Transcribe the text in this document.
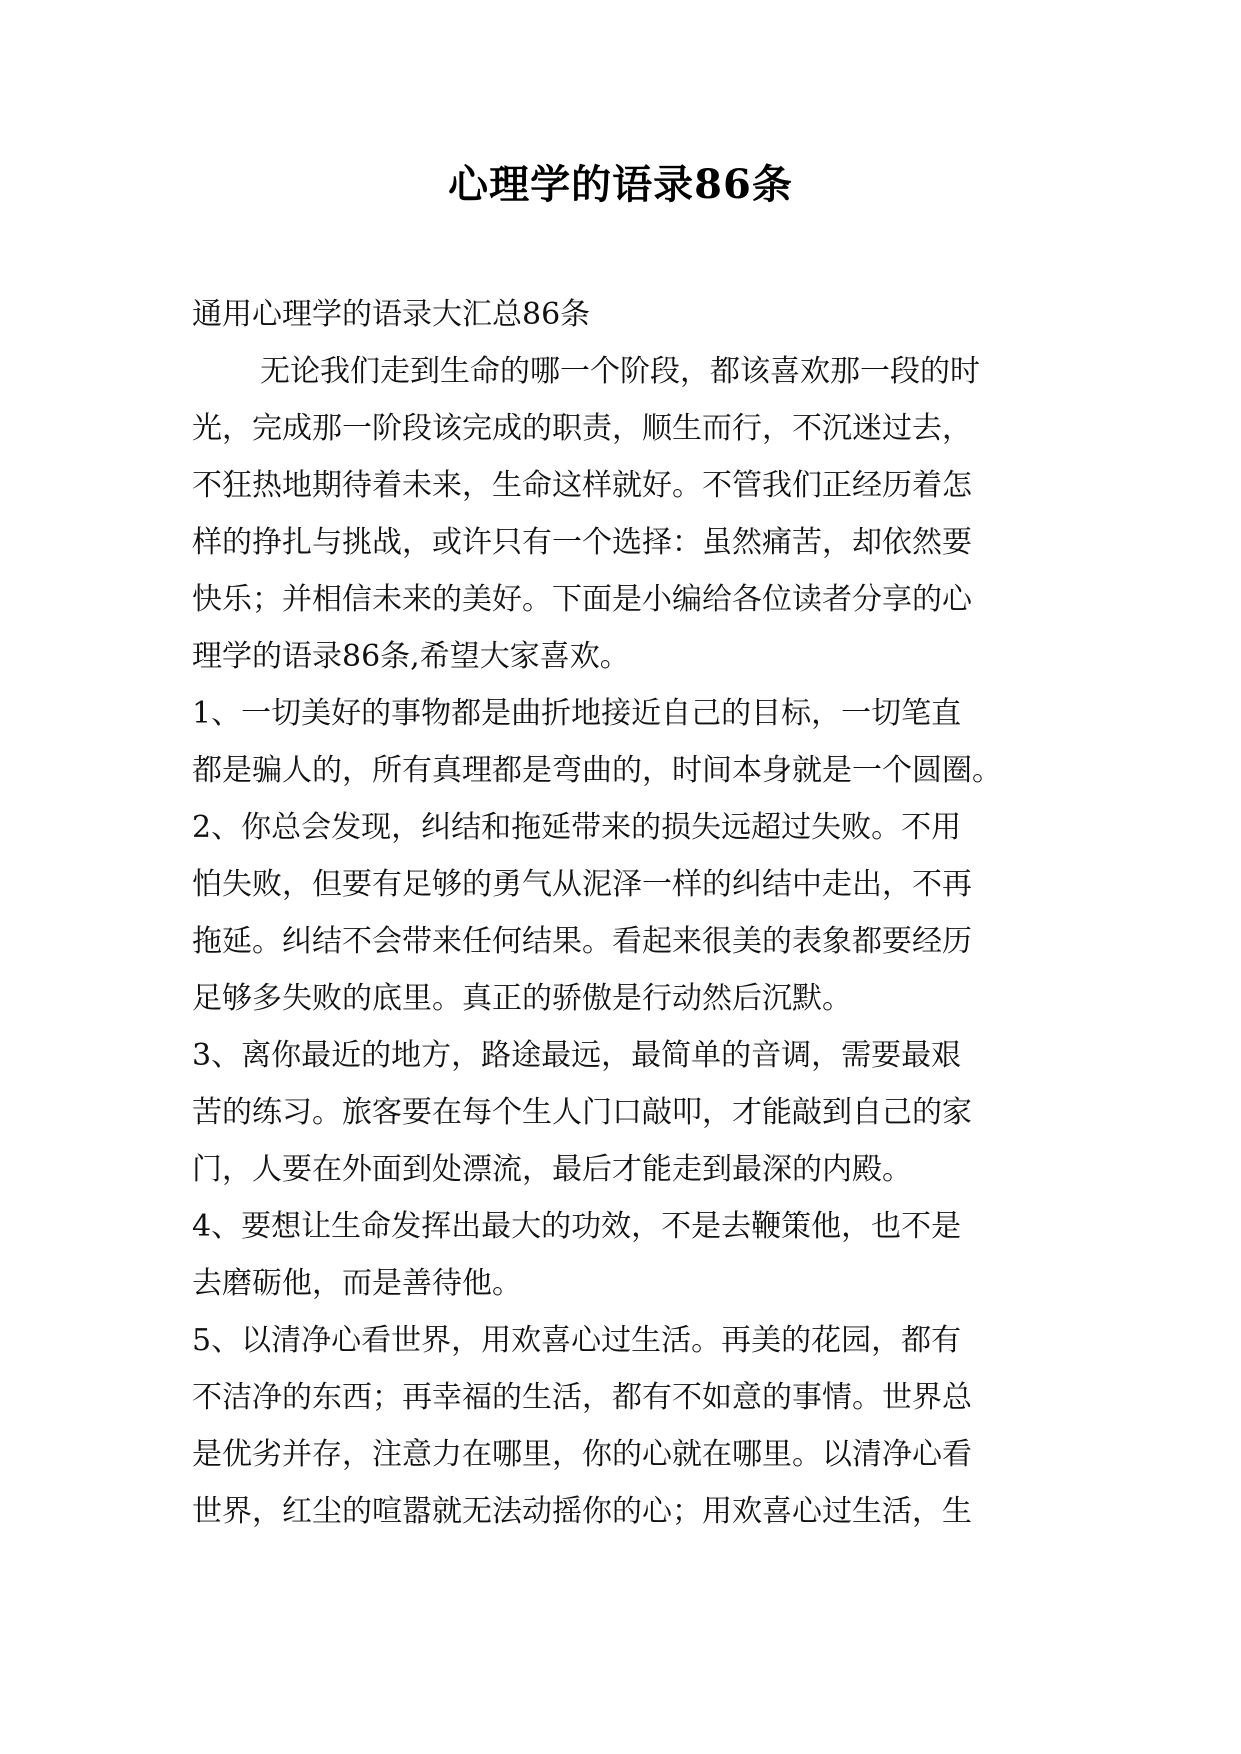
心理学的语录86条
通用心理学的语录大汇总86条
无论我们走到生命的哪一个阶段，都该喜欢那一段的时
光，完成那一阶段该完成的职责，顺生而行，不沉迷过去，
不狂热地期待着未来，生命这样就好。不管我们正经历着怎
样的挣扎与挑战，或许只有一个选择：虽然痛苦，却依然要
快乐；并相信未来的美好。下面是小编给各位读者分享的心
理学的语录86条,希望大家喜欢。
1、一切美好的事物都是曲折地接近自己的目标，一切笔直
都是骗人的，所有真理都是弯曲的，时间本身就是一个圆圈。
2、你总会发现，纠结和拖延带来的损失远超过失败。不用
怕失败，但要有足够的勇气从泥泽一样的纠结中走出，不再
拖延。纠结不会带来任何结果。看起来很美的表象都要经历
足够多失败的底里。真正的骄傲是行动然后沉默。
3、离你最近的地方，路途最远，最简单的音调，需要最艰
苦的练习。旅客要在每个生人门口敲叩，才能敲到自己的家
门，人要在外面到处漂流，最后才能走到最深的内殿。
4、要想让生命发挥出最大的功效，不是去鞭策他，也不是
去磨砺他，而是善待他。
5、以清净心看世界，用欢喜心过生活。再美的花园，都有
不洁净的东西；再幸福的生活，都有不如意的事情。世界总
是优劣并存，注意力在哪里，你的心就在哪里。以清净心看
世界，红尘的喧嚣就无法动摇你的心；用欢喜心过生活，生
